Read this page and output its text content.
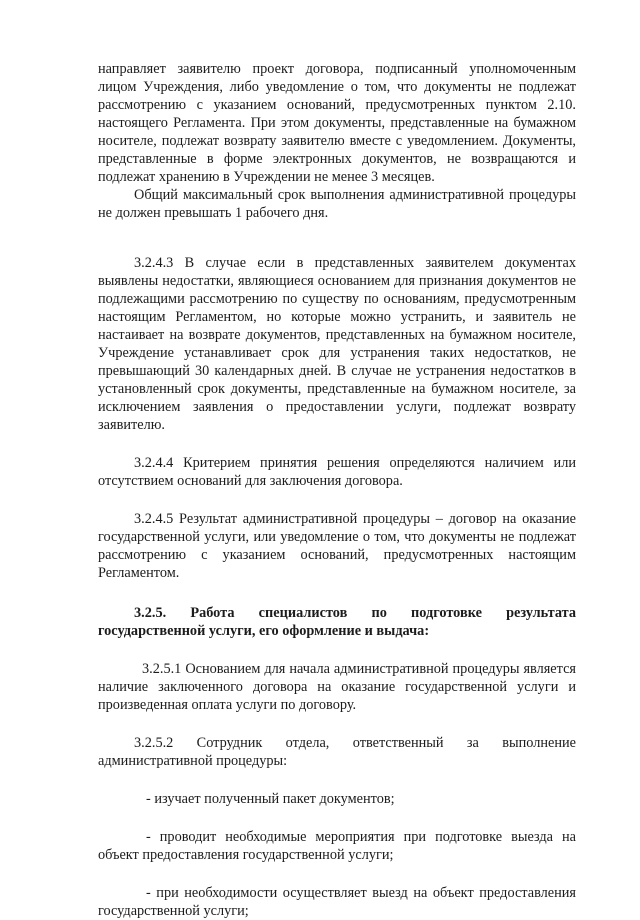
направляет заявителю проект договора, подписанный уполномоченным лицом Учреждения, либо уведомление о том, что документы не подлежат рассмотрению с указанием оснований, предусмотренных пунктом 2.10. настоящего Регламента. При этом документы, представленные на бумажном носителе, подлежат возврату заявителю вместе с уведомлением. Документы, представленные в форме электронных документов, не возвращаются и подлежат хранению в Учреждении не менее 3 месяцев.

Общий максимальный срок выполнения административной процедуры не должен превышать 1 рабочего дня.

3.2.4.3 В случае если в представленных заявителем документах выявлены недостатки, являющиеся основанием для признания документов не подлежащими рассмотрению по существу по основаниям, предусмотренным настоящим Регламентом, но которые можно устранить, и заявитель не настаивает на возврате документов, представленных на бумажном носителе, Учреждение устанавливает срок для устранения таких недостатков, не превышающий 30 календарных дней. В случае не устранения недостатков в установленный срок документы, представленные на бумажном носителе, за исключением заявления о предоставлении услуги, подлежат возврату заявителю.

3.2.4.4 Критерием принятия решения определяются наличием или отсутствием оснований для заключения договора.

3.2.4.5 Результат административной процедуры – договор на оказание государственной услуги, или уведомление о том, что документы не подлежат рассмотрению с указанием оснований, предусмотренных настоящим Регламентом.

3.2.5. Работа специалистов по подготовке результата государственной услуги, его оформление и выдача:

3.2.5.1 Основанием для начала административной процедуры является наличие заключенного договора на оказание государственной услуги и произведенная оплата услуги по договору.

3.2.5.2 Сотрудник отдела, ответственный за выполнение административной процедуры:

- изучает полученный пакет документов;

- проводит необходимые мероприятия при подготовке выезда на объект предоставления государственной услуги;

- при необходимости осуществляет выезд на объект предоставления государственной услуги;
